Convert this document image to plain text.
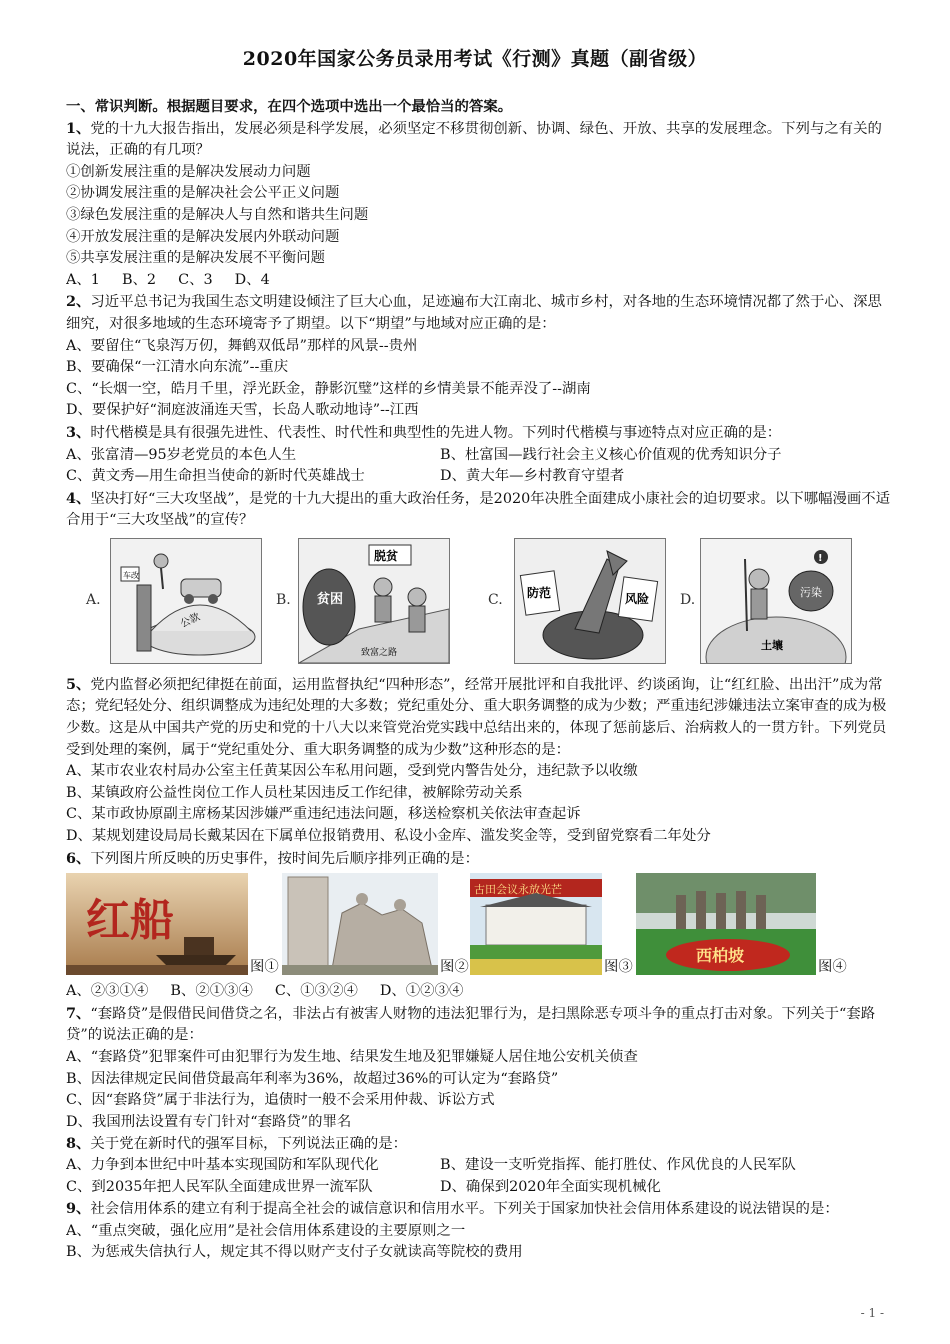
2020年国家公务员录用考试《行测》真题（副省级）
一、常识判断。根据题目要求，在四个选项中选出一个最恰当的答案。
1、党的十九大报告指出，发展必须是科学发展，必须坚定不移贯彻创新、协调、绿色、开放、共享的发展理念。下列与之有关的说法，正确的有几项？
①创新发展注重的是解决发展动力问题
②协调发展注重的是解决社会公平正义问题
③绿色发展注重的是解决人与自然和谐共生问题
④开放发展注重的是解决发展内外联动问题
⑤共享发展注重的是解决发展不平衡问题
A、1 B、2 C、3 D、4
2、习近平总书记为我国生态文明建设倾注了巨大心血，足迹遍布大江南北、城市乡村，对各地的生态环境情况都了然于心、深思细究，对很多地域的生态环境寄予了期望。以下“期望”与地域对应正确的是：
A、要留住“飞泉泻万仞，舞鹤双低昂”那样的风景--贵州
B、要确保“一江清水向东流”--重庆
C、“长烟一空，皓月千里，浮光跃金，静影沉璧”这样的乡情美景不能弄没了--湖南
D、要保护好“洞庭波涌连天雪，长岛人歌动地诗”--江西
3、时代楷模是具有很强先进性、代表性、时代性和典型性的先进人物。下列时代楷模与事迹特点对应正确的是：
A、张富清—95岁老党员的本色人生	B、杜富国—践行社会主义核心价值观的优秀知识分子
C、黄文秀—用生命担当使命的新时代英雄战士	D、黄大年—乡村教育守望者
4、坚决打好“三大攻坚战”，是党的十九大提出的重大政治任务，是2020年决胜全面建成小康社会的迫切要求。以下哪幅漫画不适合用于“三大攻坚战”的宣传？
A.
车改
公款
B. 贫困
脱贫
致富之路
C. 防范	风险 D.	污染
!
土壤
5、党内监督必须把纪律挺在前面，运用监督执纪“四种形态”，经常开展批评和自我批评、约谈函询，让“红红脸、出出汗”成为常态；党纪轻处分、组织调整成为违纪处理的大多数；党纪重处分、重大职务调整的成为少数；严重违纪涉嫌违法立案审查的成为极少数。这是从中国共产党的历史和党的十八大以来管党治党实践中总结出来的，体现了惩前毖后、治病救人的一贯方针。下列党员受到处理的案例，属于“党纪重处分、重大职务调整的成为少数”这种形态的是：
A、某市农业农村局办公室主任黄某因公车私用问题，受到党内警告处分，违纪款予以收缴
B、某镇政府公益性岗位工作人员杜某因违反工作纪律，被解除劳动关系
C、某市政协原副主席杨某因涉嫌严重违纪违法问题，移送检察机关依法审查起诉
D、某规划建设局局长戴某因在下属单位报销费用、私设小金库、滥发奖金等，受到留党察看二年处分
6、下列图片所反映的历史事件，按时间先后顺序排列正确的是：
红船
图①	图②
古田会议永放光芒
图③
西柏坡
图④
A、②③①④ B、②①③④ C、①③②④ D、①②③④
7、“套路贷”是假借民间借贷之名，非法占有被害人财物的违法犯罪行为，是扫黑除恶专项斗争的重点打击对象。下列关于“套路贷”的说法正确的是：
A、“套路贷”犯罪案件可由犯罪行为发生地、结果发生地及犯罪嫌疑人居住地公安机关侦查
B、因法律规定民间借贷最高年利率为36%，故超过36%的可认定为“套路贷”
C、因“套路贷”属于非法行为，追债时一般不会采用仲裁、诉讼方式
D、我国刑法设置有专门针对“套路贷”的罪名
8、关于党在新时代的强军目标，下列说法正确的是：
A、力争到本世纪中叶基本实现国防和军队现代化	B、建设一支听党指挥、能打胜仗、作风优良的人民军队
C、到2035年把人民军队全面建成世界一流军队	D、确保到2020年全面实现机械化
9、社会信用体系的建立有利于提高全社会的诚信意识和信用水平。下列关于国家加快社会信用体系建设的说法错误的是：
A、“重点突破，强化应用”是社会信用体系建设的主要原则之一
B、为惩戒失信执行人，规定其不得以财产支付子女就读高等院校的费用
- 1 -
